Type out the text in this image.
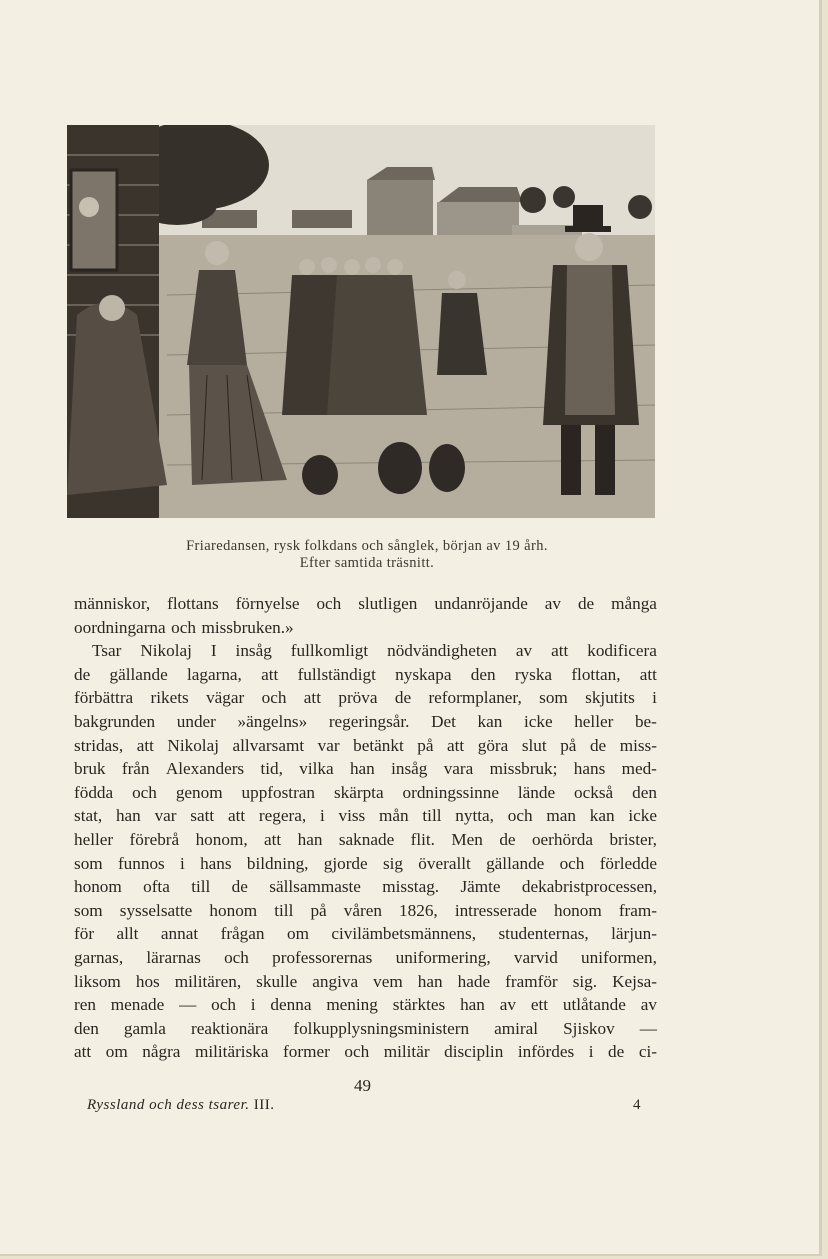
Friaredansen, rysk folkdans och sånglek, början av 19 årh.
Efter samtida träsnitt.
människor, flottans förnyelse och slutligen undanröjande av de många
oordningarna och missbruken.»
Tsar Nikolaj I insåg fullkomligt nödvändigheten av att kodificera
de gällande lagarna, att fullständigt nyskapa den ryska flottan, att
förbättra rikets vägar och att pröva de reformplaner, som skjutits i
bakgrunden under »ängelns» regeringsår. Det kan icke heller be-
stridas, att Nikolaj allvarsamt var betänkt på att göra slut på de miss-
bruk från Alexanders tid, vilka han insåg vara missbruk; hans med-
födda och genom uppfostran skärpta ordningssinne lände också den
stat, han var satt att regera, i viss mån till nytta, och man kan icke
heller förebrå honom, att han saknade flit. Men de oerhörda brister,
som funnos i hans bildning, gjorde sig överallt gällande och förledde
honom ofta till de sällsammaste misstag. Jämte dekabristprocessen,
som sysselsatte honom till på våren 1826, intresserade honom fram-
för allt annat frågan om civilämbetsmännens, studenternas, lärjun-
garnas, lärarnas och professorernas uniformering, varvid uniformen,
liksom hos militären, skulle angiva vem han hade framför sig. Kejsa-
ren menade — och i denna mening stärktes han av ett utlåtande av
den gamla reaktionära folkupplysningsministern amiral Sjiskov —
att om några militäriska former och militär disciplin infördes i de ci-
49
Ryssland och dess tsarer. III.	4
